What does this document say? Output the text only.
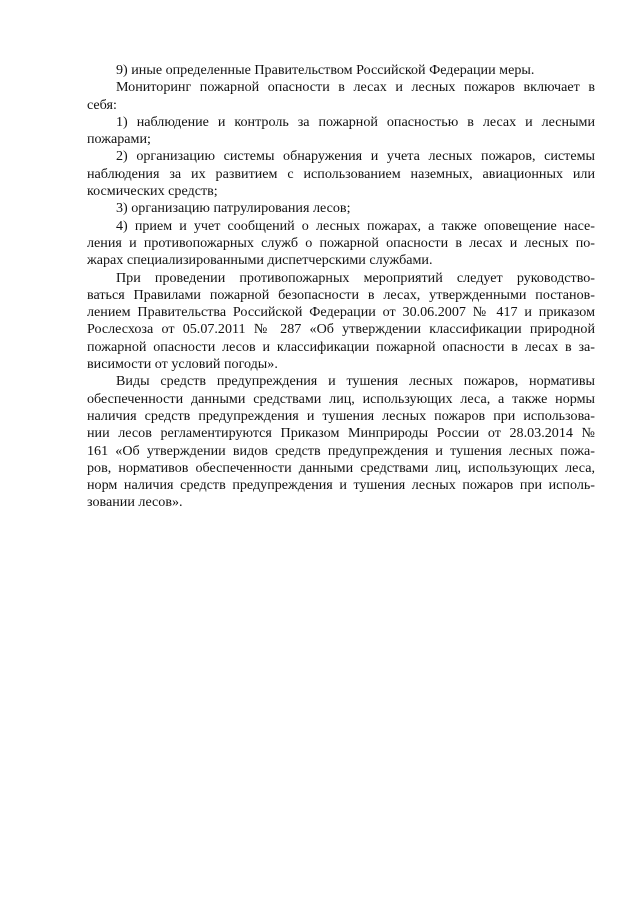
9) иные определенные Правительством Российской Федерации меры.

Мониторинг пожарной опасности в лесах и лесных пожаров включает в
себя:

1) наблюдение и контроль за пожарной опасностью в лесах и лесными
пожарами;

2) организацию системы обнаружения и учета лесных пожаров, системы
наблюдения за их развитием с использованием наземных, авиационных или
космических средств;

3) организацию патрулирования лесов;

4) прием и учет сообщений о лесных пожарах, а также оповещение насе-
ления и противопожарных служб о пожарной опасности в лесах и лесных по-
жарах специализированными диспетчерскими службами.

При проведении противопожарных мероприятий следует руководство-
ваться Правилами пожарной безопасности в лесах, утвержденными постанов-
лением Правительства Российской Федерации от 30.06.2007 № 417 и приказом
Рослесхоза от 05.07.2011 № 287 «Об утверждении классификации природной
пожарной опасности лесов и классификации пожарной опасности в лесах в за-
висимости от условий погоды».

Виды средств предупреждения и тушения лесных пожаров, нормативы
обеспеченности данными средствами лиц, использующих леса, а также нормы
наличия средств предупреждения и тушения лесных пожаров при использова-
нии лесов регламентируются Приказом Минприроды России от 28.03.2014 №
161 «Об утверждении видов средств предупреждения и тушения лесных пожа-
ров, нормативов обеспеченности данными средствами лиц, использующих леса,
норм наличия средств предупреждения и тушения лесных пожаров при исполь-
зовании лесов».
